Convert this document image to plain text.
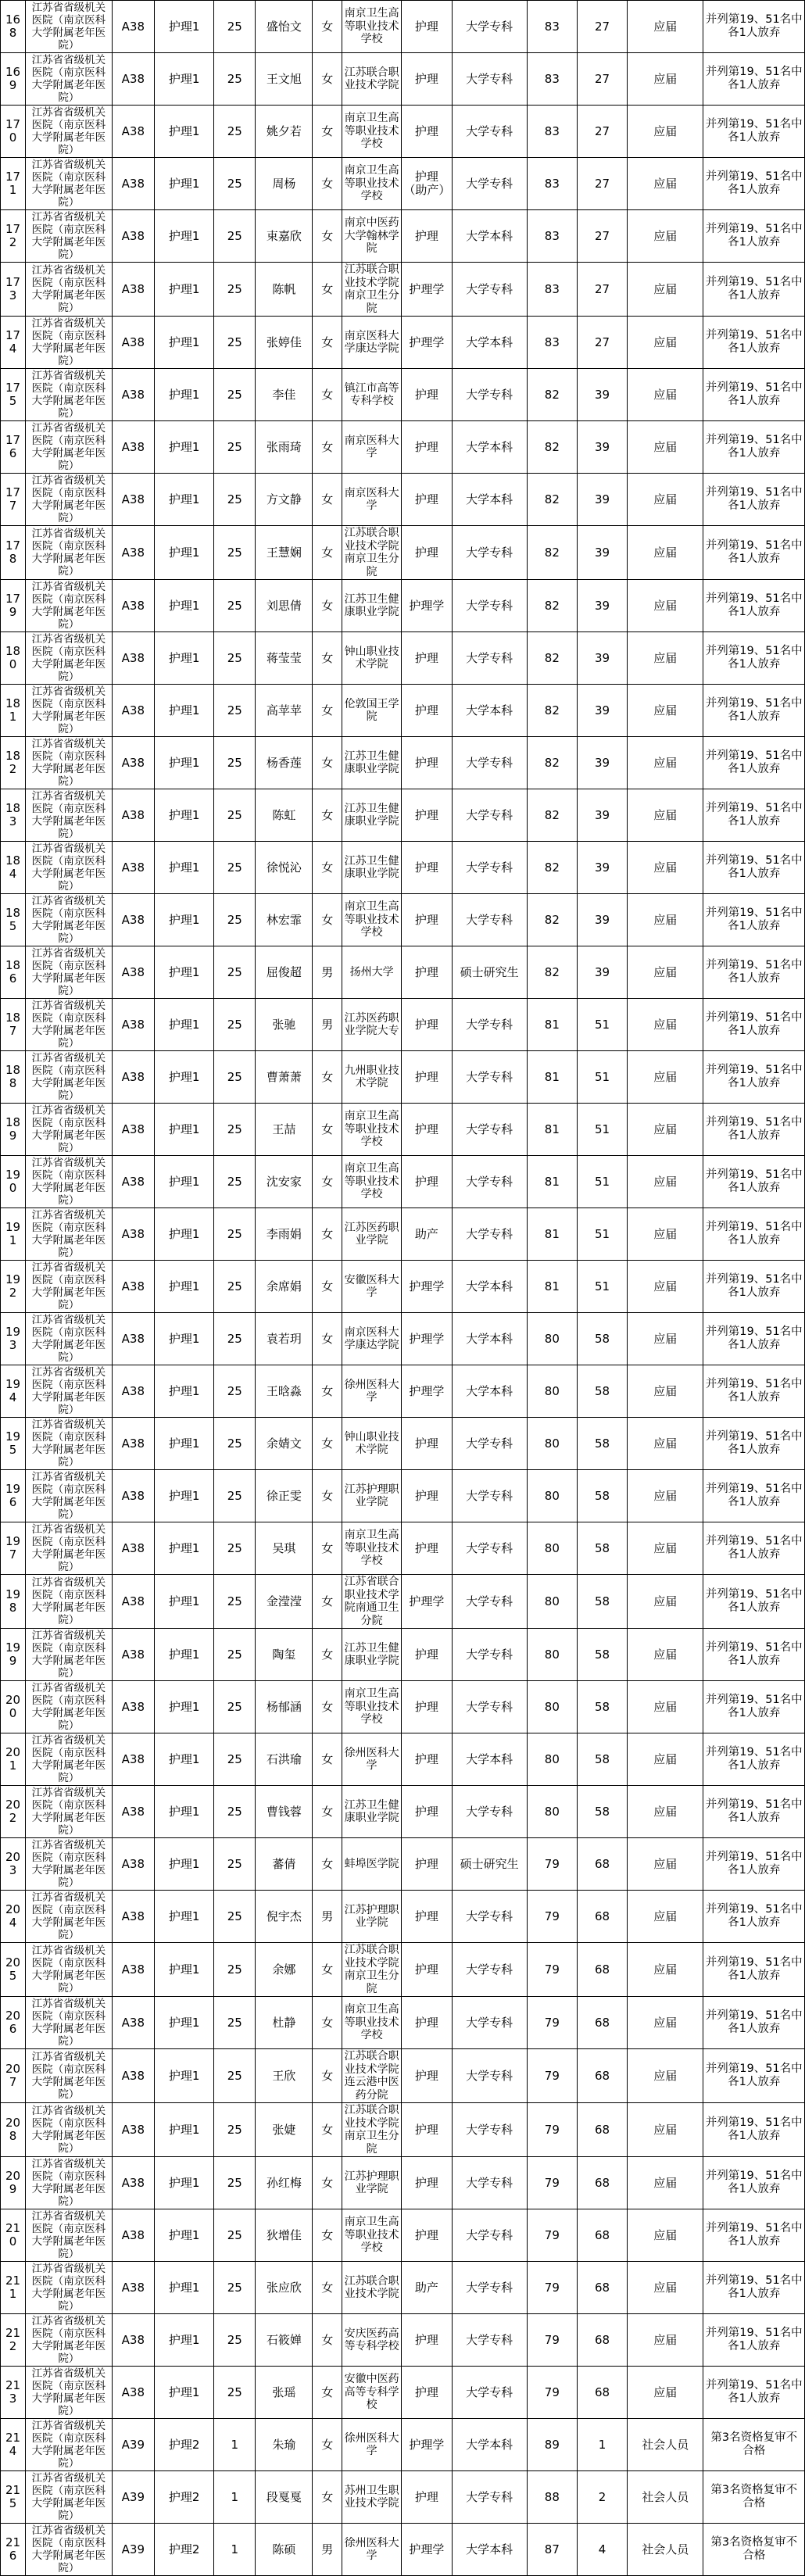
168	江苏省省级机关医院（南京医科大学附属老年医院）	A38	护理1	25	盛怡文	女	南京卫生高等职业技术学校	护理	大学专科	83	27	应届	并列第19、51名中各1人放弃
169	江苏省省级机关医院（南京医科大学附属老年医院）	A38	护理1	25	王文旭	女	江苏联合职业技术学院	护理	大学专科	83	27	应届	并列第19、51名中各1人放弃
170	江苏省省级机关医院（南京医科大学附属老年医院）	A38	护理1	25	姚夕若	女	南京卫生高等职业技术学校	护理	大学专科	83	27	应届	并列第19、51名中各1人放弃
171	江苏省省级机关医院（南京医科大学附属老年医院）	A38	护理1	25	周杨	女	南京卫生高等职业技术学校	护理（助产）	大学专科	83	27	应届	并列第19、51名中各1人放弃
172	江苏省省级机关医院（南京医科大学附属老年医院）	A38	护理1	25	束嘉欣	女	南京中医药大学翰林学院	护理	大学本科	83	27	应届	并列第19、51名中各1人放弃
173	江苏省省级机关医院（南京医科大学附属老年医院）	A38	护理1	25	陈帆	女	江苏联合职业技术学院南京卫生分院	护理学	大学专科	83	27	应届	并列第19、51名中各1人放弃
174	江苏省省级机关医院（南京医科大学附属老年医院）	A38	护理1	25	张婷佳	女	南京医科大学康达学院	护理学	大学本科	83	27	应届	并列第19、51名中各1人放弃
175	江苏省省级机关医院（南京医科大学附属老年医院）	A38	护理1	25	李佳	女	镇江市高等专科学校	护理	大学专科	82	39	应届	并列第19、51名中各1人放弃
176	江苏省省级机关医院（南京医科大学附属老年医院）	A38	护理1	25	张雨琦	女	南京医科大学	护理	大学本科	82	39	应届	并列第19、51名中各1人放弃
177	江苏省省级机关医院（南京医科大学附属老年医院）	A38	护理1	25	方文静	女	南京医科大学	护理	大学本科	82	39	应届	并列第19、51名中各1人放弃
178	江苏省省级机关医院（南京医科大学附属老年医院）	A38	护理1	25	王慧娴	女	江苏联合职业技术学院南京卫生分院	护理	大学专科	82	39	应届	并列第19、51名中各1人放弃
179	江苏省省级机关医院（南京医科大学附属老年医院）	A38	护理1	25	刘思倩	女	江苏卫生健康职业学院	护理学	大学专科	82	39	应届	并列第19、51名中各1人放弃
180	江苏省省级机关医院（南京医科大学附属老年医院）	A38	护理1	25	蒋莹莹	女	钟山职业技术学院	护理	大学专科	82	39	应届	并列第19、51名中各1人放弃
181	江苏省省级机关医院（南京医科大学附属老年医院）	A38	护理1	25	高苹苹	女	伦敦国王学院	护理	大学本科	82	39	应届	并列第19、51名中各1人放弃
182	江苏省省级机关医院（南京医科大学附属老年医院）	A38	护理1	25	杨香莲	女	江苏卫生健康职业学院	护理	大学专科	82	39	应届	并列第19、51名中各1人放弃
183	江苏省省级机关医院（南京医科大学附属老年医院）	A38	护理1	25	陈虹	女	江苏卫生健康职业学院	护理	大学专科	82	39	应届	并列第19、51名中各1人放弃
184	江苏省省级机关医院（南京医科大学附属老年医院）	A38	护理1	25	徐悦沁	女	江苏卫生健康职业学院	护理	大学专科	82	39	应届	并列第19、51名中各1人放弃
185	江苏省省级机关医院（南京医科大学附属老年医院）	A38	护理1	25	林宏霏	女	南京卫生高等职业技术学校	护理	大学专科	82	39	应届	并列第19、51名中各1人放弃
186	江苏省省级机关医院（南京医科大学附属老年医院）	A38	护理1	25	屈俊超	男	扬州大学	护理	硕士研究生	82	39	应届	并列第19、51名中各1人放弃
187	江苏省省级机关医院（南京医科大学附属老年医院）	A38	护理1	25	张驰	男	江苏医药职业学院大专	护理	大学专科	81	51	应届	并列第19、51名中各1人放弃
188	江苏省省级机关医院（南京医科大学附属老年医院）	A38	护理1	25	曹萧萧	女	九州职业技术学院	护理	大学专科	81	51	应届	并列第19、51名中各1人放弃
189	江苏省省级机关医院（南京医科大学附属老年医院）	A38	护理1	25	王喆	女	南京卫生高等职业技术学校	护理	大学专科	81	51	应届	并列第19、51名中各1人放弃
190	江苏省省级机关医院（南京医科大学附属老年医院）	A38	护理1	25	沈安家	女	南京卫生高等职业技术学校	护理	大学专科	81	51	应届	并列第19、51名中各1人放弃
191	江苏省省级机关医院（南京医科大学附属老年医院）	A38	护理1	25	李雨娟	女	江苏医药职业学院	助产	大学专科	81	51	应届	并列第19、51名中各1人放弃
192	江苏省省级机关医院（南京医科大学附属老年医院）	A38	护理1	25	余席娟	女	安徽医科大学	护理学	大学本科	81	51	应届	并列第19、51名中各1人放弃
193	江苏省省级机关医院（南京医科大学附属老年医院）	A38	护理1	25	袁若玥	女	南京医科大学康达学院	护理学	大学本科	80	58	应届	并列第19、51名中各1人放弃
194	江苏省省级机关医院（南京医科大学附属老年医院）	A38	护理1	25	王晗淼	女	徐州医科大学	护理学	大学本科	80	58	应届	并列第19、51名中各1人放弃
195	江苏省省级机关医院（南京医科大学附属老年医院）	A38	护理1	25	余婧文	女	钟山职业技术学院	护理	大学专科	80	58	应届	并列第19、51名中各1人放弃
196	江苏省省级机关医院（南京医科大学附属老年医院）	A38	护理1	25	徐正雯	女	江苏护理职业学院	护理	大学专科	80	58	应届	并列第19、51名中各1人放弃
197	江苏省省级机关医院（南京医科大学附属老年医院）	A38	护理1	25	吴琪	女	南京卫生高等职业技术学校	护理	大学专科	80	58	应届	并列第19、51名中各1人放弃
198	江苏省省级机关医院（南京医科大学附属老年医院）	A38	护理1	25	金滢滢	女	江苏省联合职业技术学院南通卫生分院	护理学	大学专科	80	58	应届	并列第19、51名中各1人放弃
199	江苏省省级机关医院（南京医科大学附属老年医院）	A38	护理1	25	陶玺	女	江苏卫生健康职业学院	护理	大学专科	80	58	应届	并列第19、51名中各1人放弃
200	江苏省省级机关医院（南京医科大学附属老年医院）	A38	护理1	25	杨郁涵	女	南京卫生高等职业技术学校	护理	大学专科	80	58	应届	并列第19、51名中各1人放弃
201	江苏省省级机关医院（南京医科大学附属老年医院）	A38	护理1	25	石洪瑜	女	徐州医科大学	护理	大学本科	80	58	应届	并列第19、51名中各1人放弃
202	江苏省省级机关医院（南京医科大学附属老年医院）	A38	护理1	25	曹钱蓉	女	江苏卫生健康职业学院	护理	大学专科	80	58	应届	并列第19、51名中各1人放弃
203	江苏省省级机关医院（南京医科大学附属老年医院）	A38	护理1	25	蕃倩	女	蚌埠医学院	护理	硕士研究生	79	68	应届	并列第19、51名中各1人放弃
204	江苏省省级机关医院（南京医科大学附属老年医院）	A38	护理1	25	倪宇杰	男	江苏护理职业学院	护理	大学专科	79	68	应届	并列第19、51名中各1人放弃
205	江苏省省级机关医院（南京医科大学附属老年医院）	A38	护理1	25	余娜	女	江苏联合职业技术学院南京卫生分院	护理	大学专科	79	68	应届	并列第19、51名中各1人放弃
206	江苏省省级机关医院（南京医科大学附属老年医院）	A38	护理1	25	杜静	女	南京卫生高等职业技术学校	护理	大学专科	79	68	应届	并列第19、51名中各1人放弃
207	江苏省省级机关医院（南京医科大学附属老年医院）	A38	护理1	25	王欣	女	江苏联合职业技术学院连云港中医药分院	护理	大学专科	79	68	应届	并列第19、51名中各1人放弃
208	江苏省省级机关医院（南京医科大学附属老年医院）	A38	护理1	25	张婕	女	江苏联合职业技术学院南京卫生分院	护理	大学专科	79	68	应届	并列第19、51名中各1人放弃
209	江苏省省级机关医院（南京医科大学附属老年医院）	A38	护理1	25	孙红梅	女	江苏护理职业学院	护理	大学专科	79	68	应届	并列第19、51名中各1人放弃
210	江苏省省级机关医院（南京医科大学附属老年医院）	A38	护理1	25	狄增佳	女	南京卫生高等职业技术学校	护理	大学专科	79	68	应届	并列第19、51名中各1人放弃
211	江苏省省级机关医院（南京医科大学附属老年医院）	A38	护理1	25	张应欣	女	江苏联合职业技术学院	助产	大学专科	79	68	应届	并列第19、51名中各1人放弃
212	江苏省省级机关医院（南京医科大学附属老年医院）	A38	护理1	25	石筱婵	女	安庆医药高等专科学校	护理	大学专科	79	68	应届	并列第19、51名中各1人放弃
213	江苏省省级机关医院（南京医科大学附属老年医院）	A38	护理1	25	张瑶	女	安徽中医药高等专科学校	护理	大学专科	79	68	应届	并列第19、51名中各1人放弃
214	江苏省省级机关医院（南京医科大学附属老年医院）	A39	护理2	1	朱瑜	女	徐州医科大学	护理学	大学本科	89	1	社会人员	第3名资格复审不合格
215	江苏省省级机关医院（南京医科大学附属老年医院）	A39	护理2	1	段戛戛	女	苏州卫生职业技术学院	护理	大学专科	88	2	社会人员	第3名资格复审不合格
216	江苏省省级机关医院（南京医科大学附属老年医院）	A39	护理2	1	陈硕	男	徐州医科大学	护理学	大学本科	87	4	社会人员	第3名资格复审不合格
